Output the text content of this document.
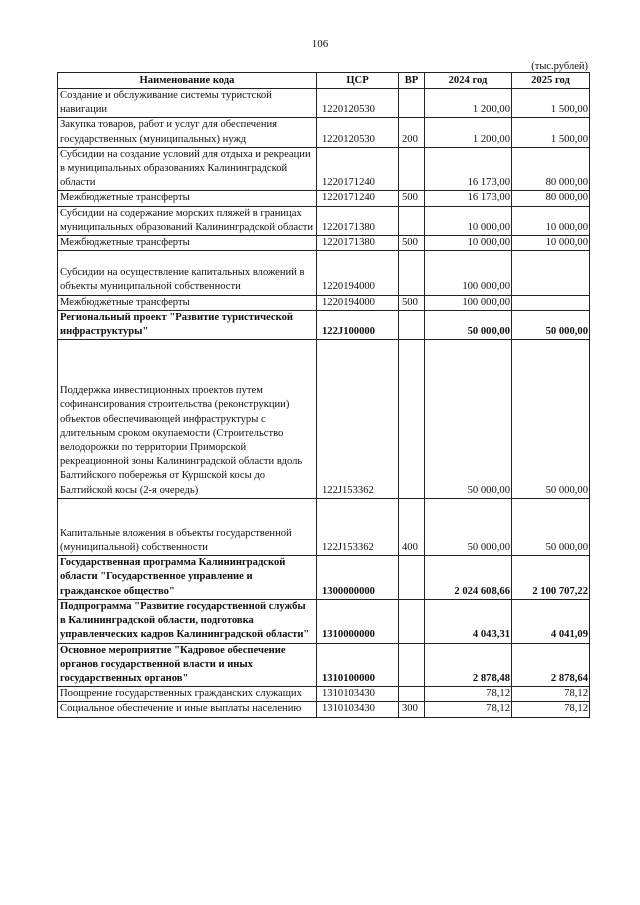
106
(тыс.рублей)
Наименование кода	ЦСР	ВР	2024 год	2025 год
Создание и обслуживание системы туристской навигации	1220120530		1 200,00	1 500,00
Закупка товаров, работ и услуг для обеспечения государственных (муниципальных) нужд	1220120530	200	1 200,00	1 500,00
Субсидии на создание условий для отдыха и рекреации в муниципальных образованиях Калининградской области	1220171240		16 173,00	80 000,00
Межбюджетные трансферты	1220171240	500	16 173,00	80 000,00
Субсидии на содержание морских пляжей в границах муниципальных образований Калининградской области	1220171380		10 000,00	10 000,00
Межбюджетные трансферты	1220171380	500	10 000,00	10 000,00
Субсидии на осуществление капитальных вложений в объекты муниципальной собственности	1220194000		100 000,00	
Межбюджетные трансферты	1220194000	500	100 000,00	
Региональный проект "Развитие туристической инфраструктуры"	122J100000		50 000,00	50 000,00
Поддержка инвестиционных проектов путем софинансирования строительства (реконструкции) объектов обеспечивающей инфраструктуры с длительным сроком окупаемости (Строительство велодорожки по территории Приморской рекреационной зоны Калининградской области вдоль Балтийского побережья от Куршской косы до Балтийской косы (2-я очередь)	122J153362		50 000,00	50 000,00
Капитальные вложения в объекты государственной (муниципальной) собственности	122J153362	400	50 000,00	50 000,00
Государственная программа Калининградской области "Государственное управление и гражданское общество"	1300000000		2 024 608,66	2 100 707,22
Подпрограмма "Развитие государственной службы в Калининградской области, подготовка управленческих кадров Калининградской области"	1310000000		4 043,31	4 041,09
Основное мероприятие "Кадровое обеспечение органов государственной власти и иных государственных органов"	1310100000		2 878,48	2 878,64
Поощрение государственных гражданских служащих	1310103430		78,12	78,12
Социальное обеспечение и иные выплаты населению	1310103430	300	78,12	78,12
